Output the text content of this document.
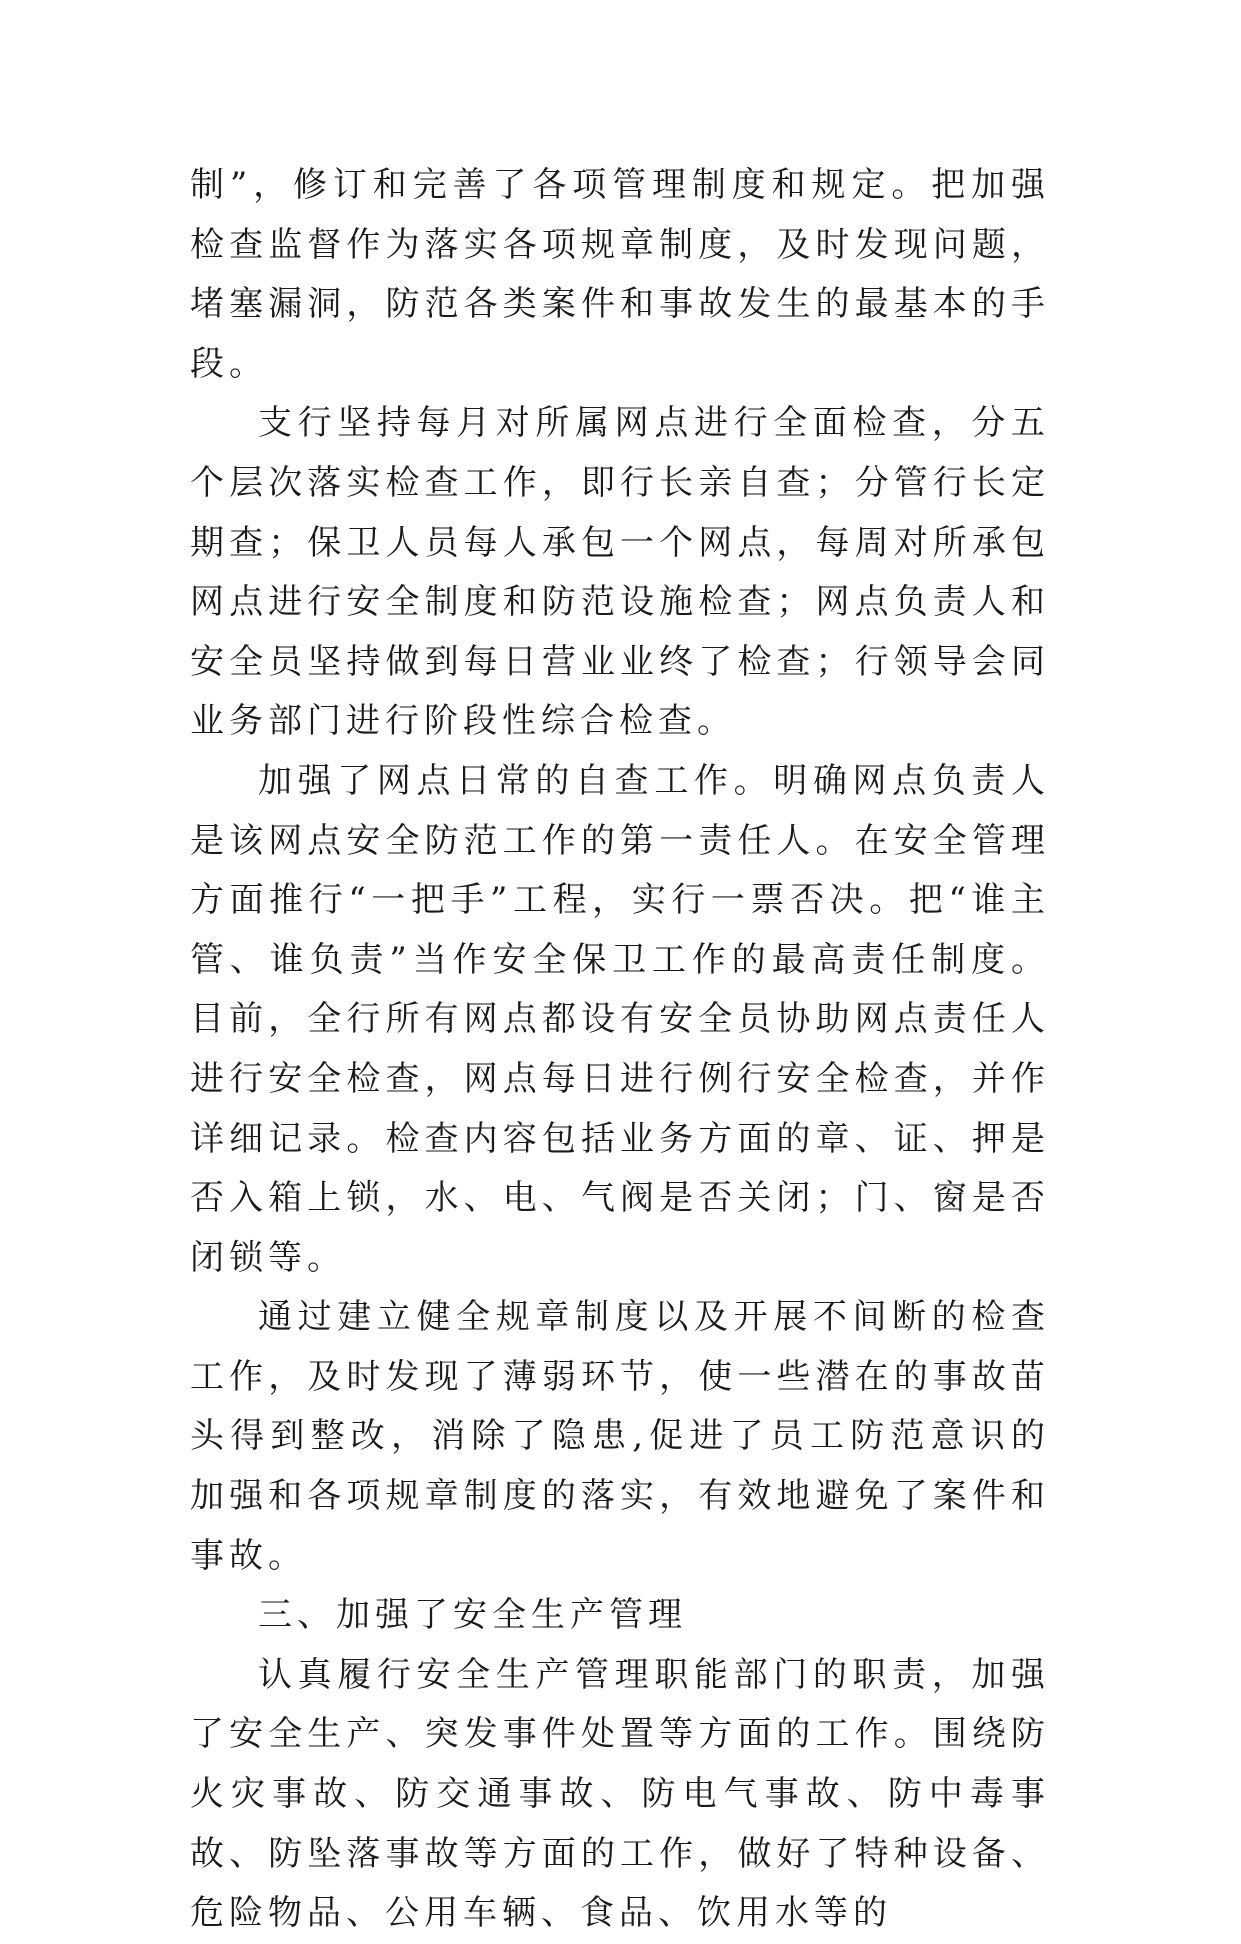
制”，修订和完善了各项管理制度和规定。把加强检查监督作为落实各项规章制度，及时发现问题，堵塞漏洞，防范各类案件和事故发生的最基本的手段。

支行坚持每月对所属网点进行全面检查，分五个层次落实检查工作，即行长亲自查；分管行长定期查；保卫人员每人承包一个网点，每周对所承包网点进行安全制度和防范设施检查；网点负责人和安全员坚持做到每日营业业终了检查；行领导会同业务部门进行阶段性综合检查。

加强了网点日常的自查工作。明确网点负责人是该网点安全防范工作的第一责任人。在安全管理方面推行“一把手”工程，实行一票否决。把“谁主管、谁负责”当作安全保卫工作的最高责任制度。目前，全行所有网点都设有安全员协助网点责任人进行安全检查，网点每日进行例行安全检查，并作详细记录。检查内容包括业务方面的章、证、押是否入箱上锁，水、电、气阀是否关闭；门、窗是否闭锁等。

通过建立健全规章制度以及开展不间断的检查工作，及时发现了薄弱环节，使一些潜在的事故苗头得到整改，消除了隐患,促进了员工防范意识的加强和各项规章制度的落实，有效地避免了案件和事故。

三、加强了安全生产管理

认真履行安全生产管理职能部门的职责，加强了安全生产、突发事件处置等方面的工作。围绕防火灾事故、防交通事故、防电气事故、防中毒事故、防坠落事故等方面的工作，做好了特种设备、危险物品、公用车辆、食品、饮用水等的
